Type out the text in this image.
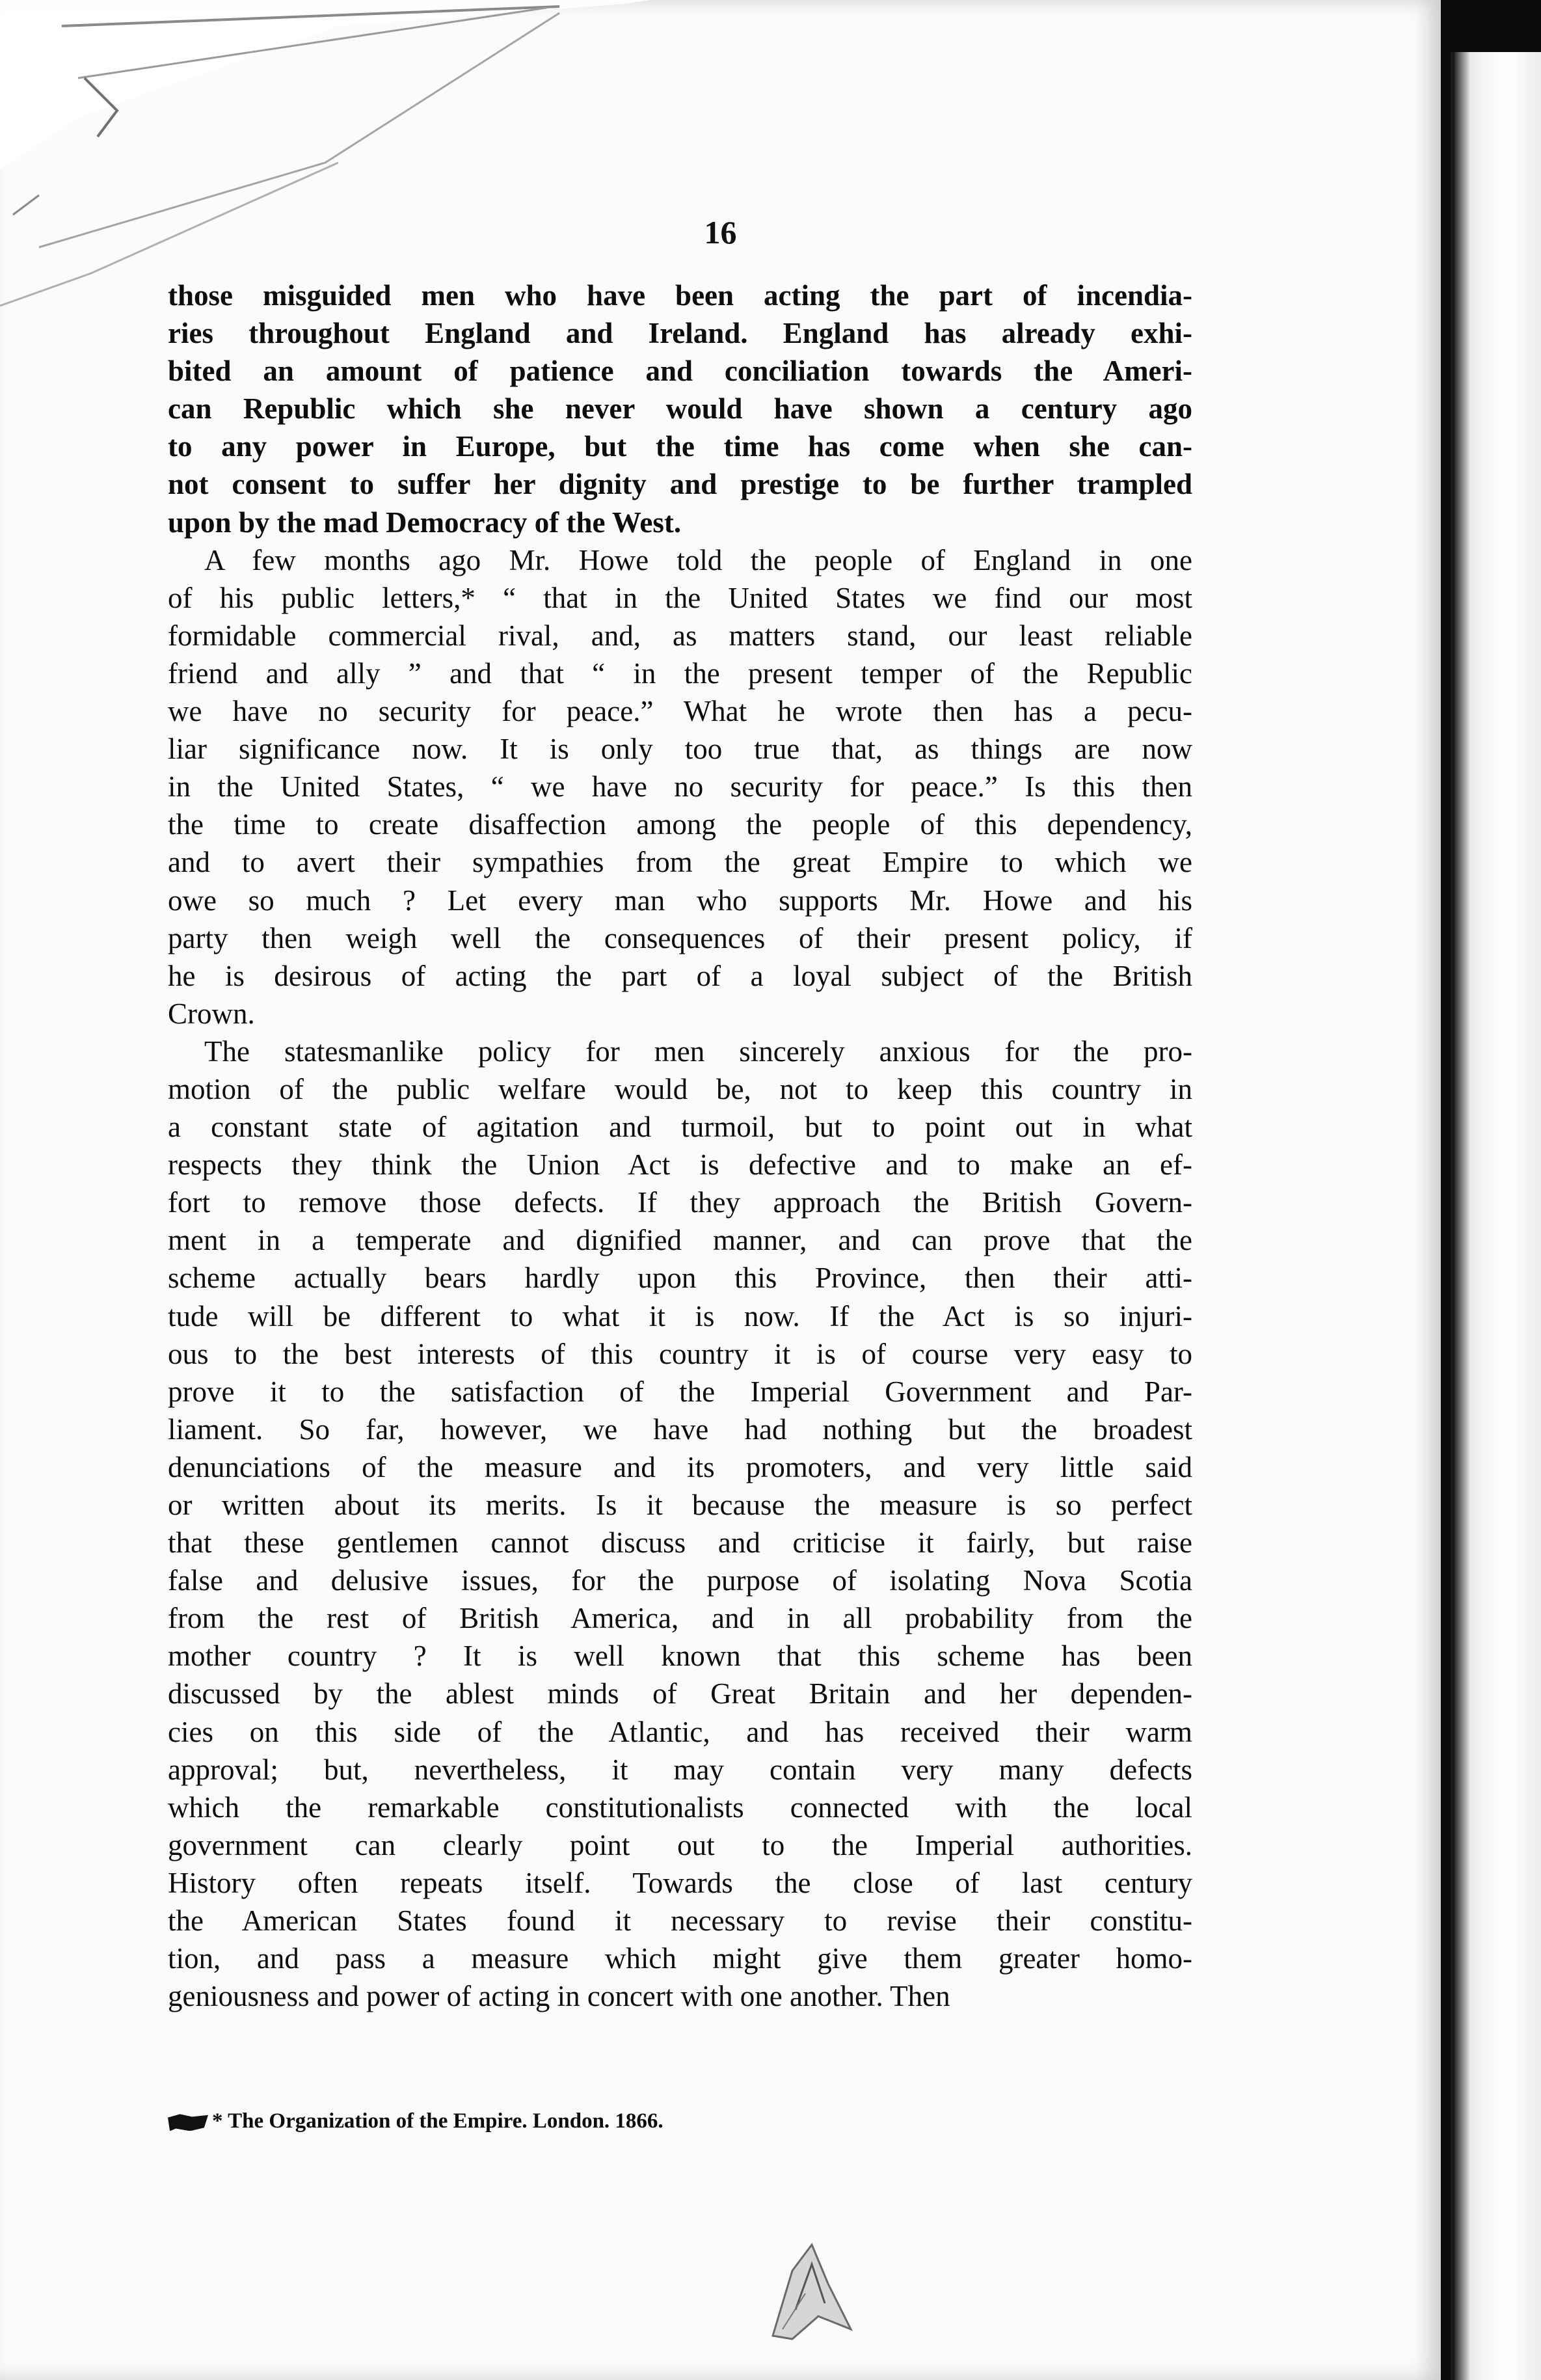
16
those misguided men who have been acting the part of incendia-
ries throughout England and Ireland. England has already exhi-
bited an amount of patience and conciliation towards the Ameri-
can Republic which she never would have shown a century ago
to any power in Europe, but the time has come when she can-
not consent to suffer her dignity and prestige to be further trampled
upon by the mad Democracy of the West.
A few months ago Mr. Howe told the people of England in one
of his public letters,* “ that in the United States we find our most
formidable commercial rival, and, as matters stand, our least reliable
friend and ally ” and that “ in the present temper of the Republic
we have no security for peace.” What he wrote then has a pecu-
liar significance now. It is only too true that, as things are now
in the United States, “ we have no security for peace.” Is this then
the time to create disaffection among the people of this dependency,
and to avert their sympathies from the great Empire to which we
owe so much ? Let every man who supports Mr. Howe and his
party then weigh well the consequences of their present policy, if
he is desirous of acting the part of a loyal subject of the British
Crown.
The statesmanlike policy for men sincerely anxious for the pro-
motion of the public welfare would be, not to keep this country in
a constant state of agitation and turmoil, but to point out in what
respects they think the Union Act is defective and to make an ef-
fort to remove those defects. If they approach the British Govern-
ment in a temperate and dignified manner, and can prove that the
scheme actually bears hardly upon this Province, then their atti-
tude will be different to what it is now. If the Act is so injuri-
ous to the best interests of this country it is of course very easy to
prove it to the satisfaction of the Imperial Government and Par-
liament. So far, however, we have had nothing but the broadest
denunciations of the measure and its promoters, and very little said
or written about its merits. Is it because the measure is so perfect
that these gentlemen cannot discuss and criticise it fairly, but raise
false and delusive issues, for the purpose of isolating Nova Scotia
from the rest of British America, and in all probability from the
mother country ? It is well known that this scheme has been
discussed by the ablest minds of Great Britain and her dependen-
cies on this side of the Atlantic, and has received their warm
approval; but, nevertheless, it may contain very many defects
which the remarkable constitutionalists connected with the local
government can clearly point out to the Imperial authorities.
History often repeats itself. Towards the close of last century
the American States found it necessary to revise their constitu-
tion, and pass a measure which might give them greater homo-
geniousness and power of acting in concert with one another. Then
* The Organization of the Empire. London. 1866.
